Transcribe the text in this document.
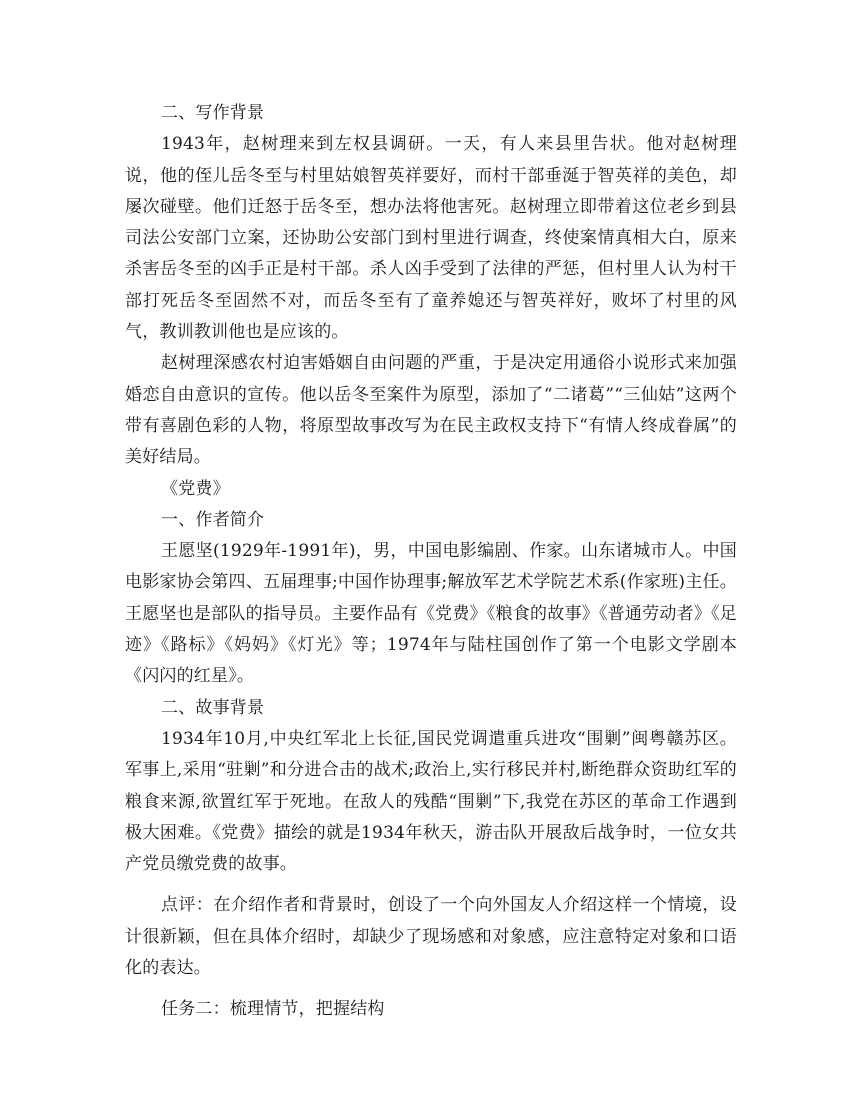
二、写作背景

1943年，赵树理来到左权县调研。一天，有人来县里告状。他对赵树理说，他的侄儿岳冬至与村里姑娘智英祥要好，而村干部垂涎于智英祥的美色，却屡次碰壁。他们迁怒于岳冬至，想办法将他害死。赵树理立即带着这位老乡到县司法公安部门立案，还协助公安部门到村里进行调查，终使案情真相大白，原来杀害岳冬至的凶手正是村干部。杀人凶手受到了法律的严惩，但村里人认为村干部打死岳冬至固然不对，而岳冬至有了童养媳还与智英祥好，败坏了村里的风气，教训教训他也是应该的。

赵树理深感农村迫害婚姻自由问题的严重，于是决定用通俗小说形式来加强婚恋自由意识的宣传。他以岳冬至案件为原型，添加了“二诸葛”“三仙姑”这两个带有喜剧色彩的人物，将原型故事改写为在民主政权支持下“有情人终成眷属”的美好结局。

《党费》

一、作者简介

王愿坚(1929年-1991年)，男，中国电影编剧、作家。山东诸城市人。中国电影家协会第四、五届理事;中国作协理事;解放军艺术学院艺术系(作家班)主任。王愿坚也是部队的指导员。主要作品有《党费》《粮食的故事》《普通劳动者》《足迹》《路标》《妈妈》《灯光》等；1974年与陆柱国创作了第一个电影文学剧本《闪闪的红星》。

二、故事背景

1934年10月,中央红军北上长征,国民党调遣重兵进攻“围剿”闽粤赣苏区。军事上,采用“驻剿”和分进合击的战术;政治上,实行移民并村,断绝群众资助红军的粮食来源,欲置红军于死地。在敌人的残酷“围剿”下,我党在苏区的革命工作遇到极大困难。《党费》描绘的就是1934年秋天，游击队开展敌后战争时，一位女共产党员缴党费的故事。

点评：在介绍作者和背景时，创设了一个向外国友人介绍这样一个情境，设计很新颖，但在具体介绍时，却缺少了现场感和对象感，应注意特定对象和口语化的表达。

任务二：梳理情节，把握结构
